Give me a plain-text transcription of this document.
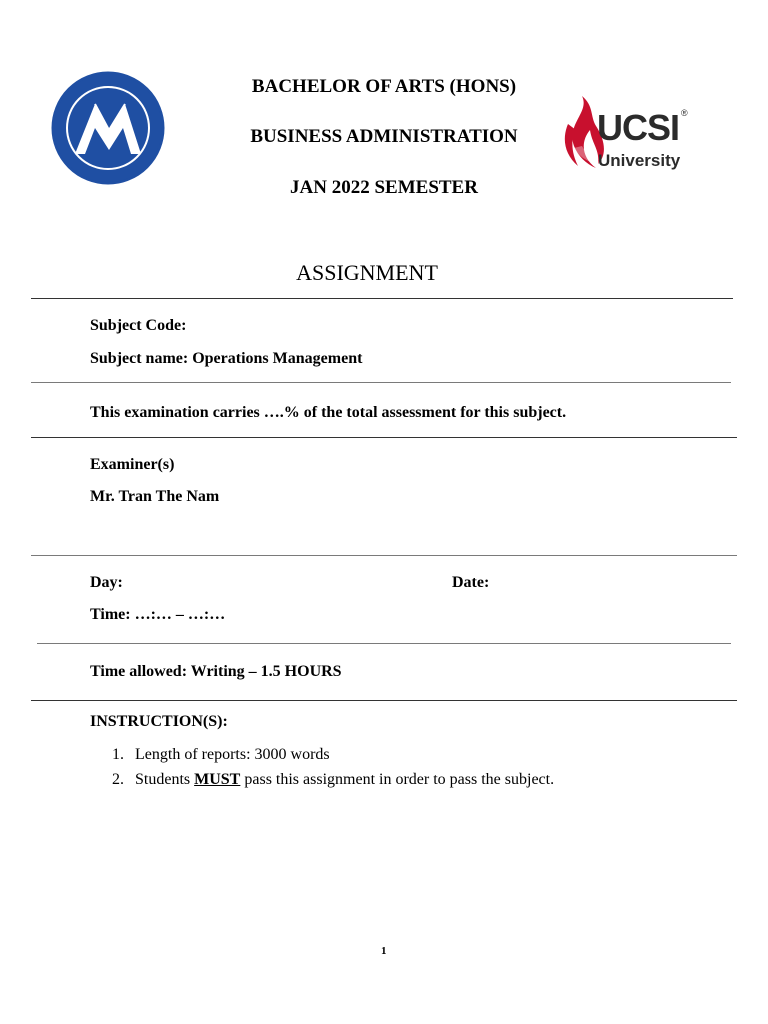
BACHELOR OF ARTS (HONS)
BUSINESS ADMINISTRATION
JAN 2022 SEMESTER
UCSI ®
University
ASSIGNMENT
Subject Code:
Subject name: Operations Management
This examination carries ….% of the total assessment for this subject.
Examiner(s)
Mr. Tran The Nam
Day:	Date:
Time: …:… – …:…
Time allowed: Writing – 1.5 HOURS
INSTRUCTION(S):
1. Length of reports: 3000 words
2. Students MUST pass this assignment in order to pass the subject.
1
